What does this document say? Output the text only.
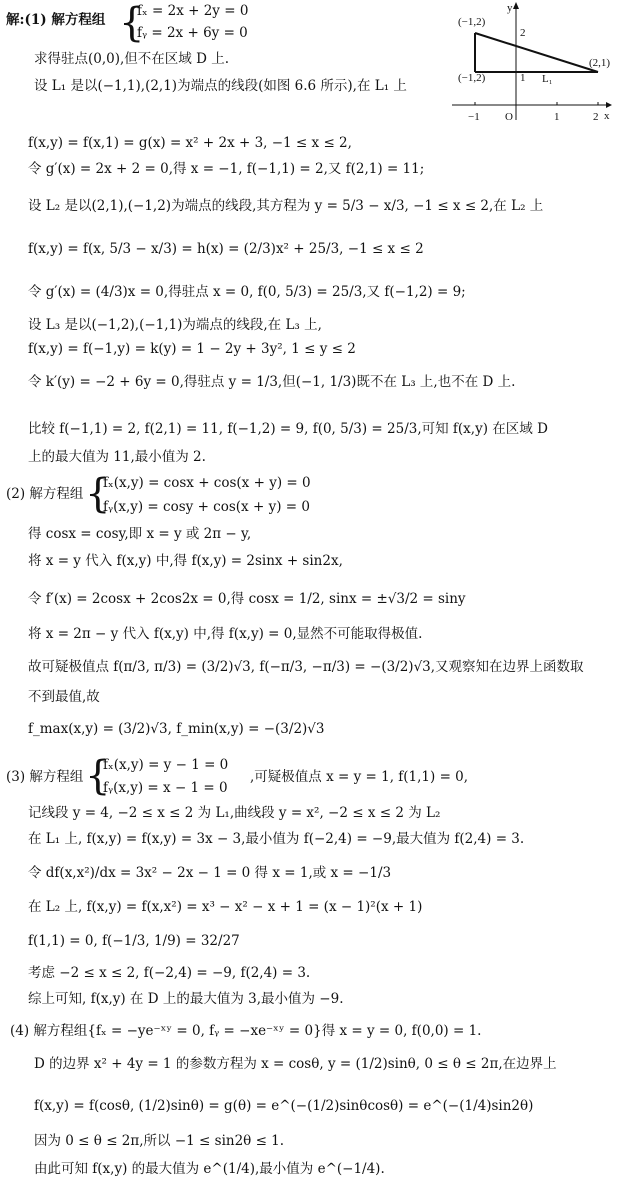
解:(1) 解方程组 {
fₓ = 2x + 2y = 0
fᵧ = 2x + 6y = 0
求得驻点(0,0),但不在区域 D 上.
设 L₁ 是以(−1,1),(2,1)为端点的线段(如图 6.6 所示),在 L₁ 上
y
x
O
(−1,2)
(−1,2)
(2,1)
2
1
−1	1	2
L₁
f(x,y) = f(x,1) = g(x) = x² + 2x + 3, −1 ≤ x ≤ 2,
令 g′(x) = 2x + 2 = 0,得 x = −1, f(−1,1) = 2,又 f(2,1) = 11;
设 L₂ 是以(2,1),(−1,2)为端点的线段,其方程为 y = 5/3 − x/3, −1 ≤ x ≤ 2,在 L₂ 上
f(x,y) = f(x, 5/3 − x/3) = h(x) = (2/3)x² + 25/3, −1 ≤ x ≤ 2
令 g′(x) = (4/3)x = 0,得驻点 x = 0, f(0, 5/3) = 25/3,又 f(−1,2) = 9;
设 L₃ 是以(−1,2),(−1,1)为端点的线段,在 L₃ 上,
f(x,y) = f(−1,y) = k(y) = 1 − 2y + 3y², 1 ≤ y ≤ 2
令 k′(y) = −2 + 6y = 0,得驻点 y = 1/3,但(−1, 1/3)既不在 L₃ 上,也不在 D 上.
比较 f(−1,1) = 2, f(2,1) = 11, f(−1,2) = 9, f(0, 5/3) = 25/3,可知 f(x,y) 在区域 D
上的最大值为 11,最小值为 2.
(2) 解方程组 {
fₓ(x,y) = cosx + cos(x + y) = 0
fᵧ(x,y) = cosy + cos(x + y) = 0
得 cosx = cosy,即 x = y 或 2π − y,
将 x = y 代入 f(x,y) 中,得 f(x,y) = 2sinx + sin2x,
令 f′(x) = 2cosx + 2cos2x = 0,得 cosx = 1/2, sinx = ±√3/2 = siny
将 x = 2π − y 代入 f(x,y) 中,得 f(x,y) = 0,显然不可能取得极值.
故可疑极值点 f(π/3, π/3) = (3/2)√3, f(−π/3, −π/3) = −(3/2)√3,又观察知在边界上函数取
不到最值,故
f_max(x,y) = (3/2)√3, f_min(x,y) = −(3/2)√3
(3) 解方程组 {
fₓ(x,y) = y − 1 = 0
fᵧ(x,y) = x − 1 = 0
,可疑极值点 x = y = 1, f(1,1) = 0,
记线段 y = 4, −2 ≤ x ≤ 2 为 L₁,曲线段 y = x², −2 ≤ x ≤ 2 为 L₂
在 L₁ 上, f(x,y) = f(x,y) = 3x − 3,最小值为 f(−2,4) = −9,最大值为 f(2,4) = 3.
令 df(x,x²)/dx = 3x² − 2x − 1 = 0 得 x = 1,或 x = −1/3
在 L₂ 上, f(x,y) = f(x,x²) = x³ − x² − x + 1 = (x − 1)²(x + 1)
f(1,1) = 0, f(−1/3, 1/9) = 32/27
考虑 −2 ≤ x ≤ 2, f(−2,4) = −9, f(2,4) = 3.
综上可知, f(x,y) 在 D 上的最大值为 3,最小值为 −9.
(4) 解方程组{fₓ = −ye⁻ˣʸ = 0, fᵧ = −xe⁻ˣʸ = 0}得 x = y = 0, f(0,0) = 1.
D 的边界 x² + 4y = 1 的参数方程为 x = cosθ, y = (1/2)sinθ, 0 ≤ θ ≤ 2π,在边界上
f(x,y) = f(cosθ, (1/2)sinθ) = g(θ) = e^(−(1/2)sinθcosθ) = e^(−(1/4)sin2θ)
因为 0 ≤ θ ≤ 2π,所以 −1 ≤ sin2θ ≤ 1.
由此可知 f(x,y) 的最大值为 e^(1/4),最小值为 e^(−1/4).
